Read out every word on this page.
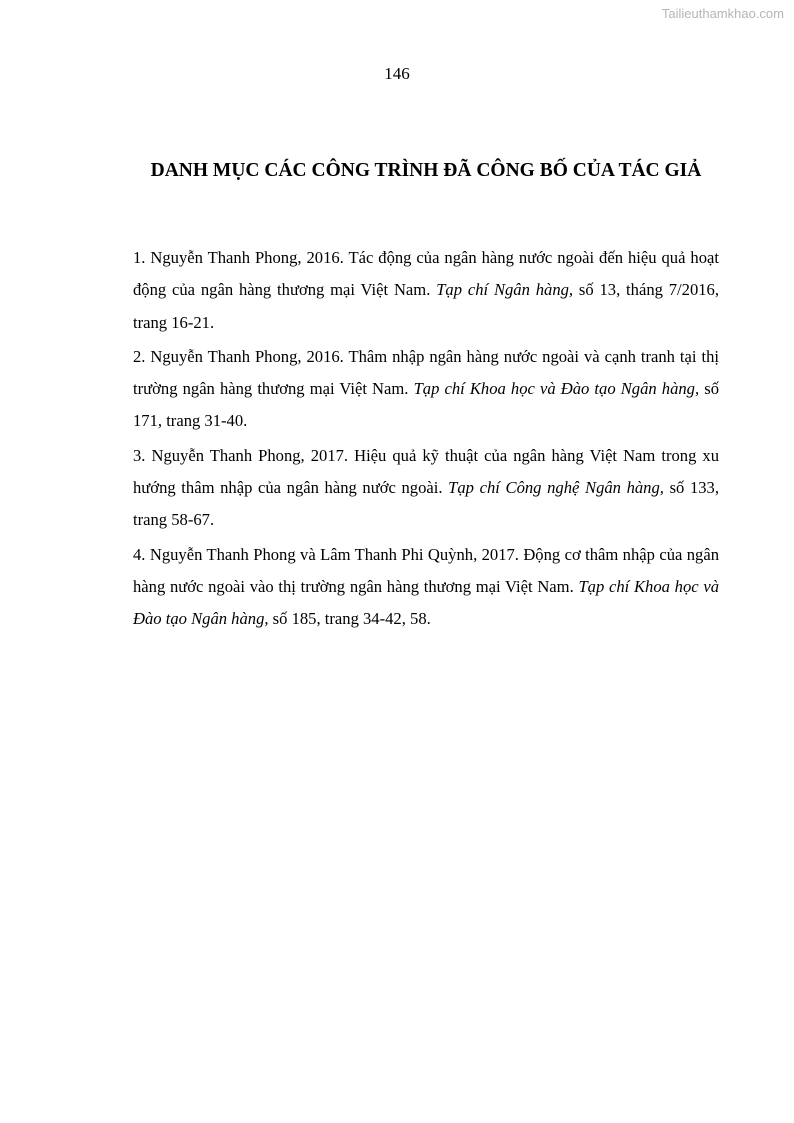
Tailieuthamkhao.com
146
DANH MỤC CÁC CÔNG TRÌNH ĐÃ CÔNG BỐ CỦA TÁC GIẢ

1. Nguyễn Thanh Phong, 2016. Tác động của ngân hàng nước ngoài đến hiệu quả hoạt động của ngân hàng thương mại Việt Nam. Tạp chí Ngân hàng, số 13, tháng 7/2016, trang 16-21.

2. Nguyễn Thanh Phong, 2016. Thâm nhập ngân hàng nước ngoài và cạnh tranh tại thị trường ngân hàng thương mại Việt Nam. Tạp chí Khoa học và Đào tạo Ngân hàng, số 171, trang 31-40.

3. Nguyễn Thanh Phong, 2017. Hiệu quả kỹ thuật của ngân hàng Việt Nam trong xu hướng thâm nhập của ngân hàng nước ngoài. Tạp chí Công nghệ Ngân hàng, số 133, trang 58-67.

4. Nguyễn Thanh Phong và Lâm Thanh Phi Quỳnh, 2017. Động cơ thâm nhập của ngân hàng nước ngoài vào thị trường ngân hàng thương mại Việt Nam. Tạp chí Khoa học và Đào tạo Ngân hàng, số 185, trang 34-42, 58.
